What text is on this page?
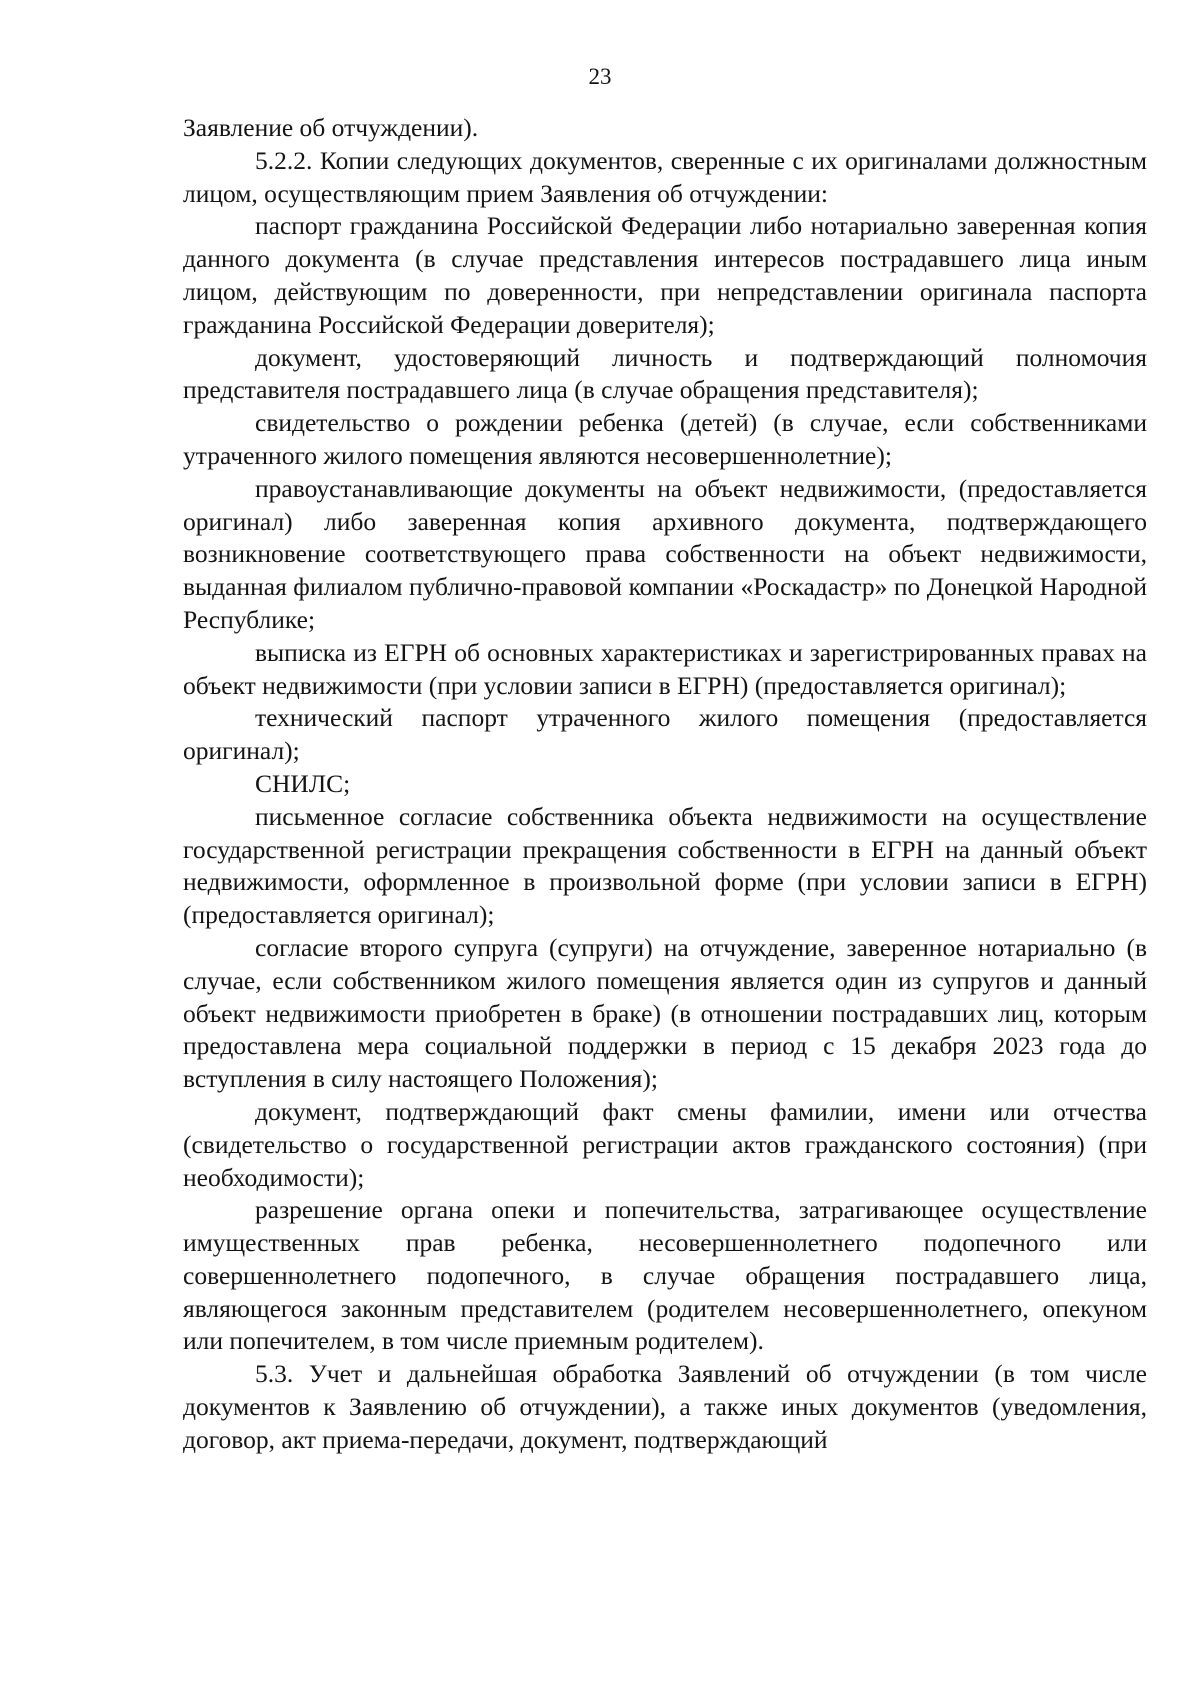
23

Заявление об отчуждении).

5.2.2. Копии следующих документов, сверенные с их оригиналами должностным лицом, осуществляющим прием Заявления об отчуждении:

паспорт гражданина Российской Федерации либо нотариально заверенная копия данного документа (в случае представления интересов пострадавшего лица иным лицом, действующим по доверенности, при непредставлении оригинала паспорта гражданина Российской Федерации доверителя);

документ, удостоверяющий личность и подтверждающий полномочия представителя пострадавшего лица (в случае обращения представителя);

свидетельство о рождении ребенка (детей) (в случае, если собственниками утраченного жилого помещения являются несовершеннолетние);

правоустанавливающие документы на объект недвижимости, (предоставляется оригинал) либо заверенная копия архивного документа, подтверждающего возникновение соответствующего права собственности на объект недвижимости, выданная филиалом публично-правовой компании «Роскадастр» по Донецкой Народной Республике;

выписка из ЕГРН об основных характеристиках и зарегистрированных правах на объект недвижимости (при условии записи в ЕГРН) (предоставляется оригинал);

технический паспорт утраченного жилого помещения (предоставляется оригинал);

СНИЛС;

письменное согласие собственника объекта недвижимости на осуществление государственной регистрации прекращения собственности в ЕГРН на данный объект недвижимости, оформленное в произвольной форме (при условии записи в ЕГРН) (предоставляется оригинал);

согласие второго супруга (супруги) на отчуждение, заверенное нотариально (в случае, если собственником жилого помещения является один из супругов и данный объект недвижимости приобретен в браке) (в отношении пострадавших лиц, которым предоставлена мера социальной поддержки в период с 15 декабря 2023 года до вступления в силу настоящего Положения);

документ, подтверждающий факт смены фамилии, имени или отчества (свидетельство о государственной регистрации актов гражданского состояния) (при необходимости);

разрешение органа опеки и попечительства, затрагивающее осуществление имущественных прав ребенка, несовершеннолетнего подопечного или совершеннолетнего подопечного, в случае обращения пострадавшего лица, являющегося законным представителем (родителем несовершеннолетнего, опекуном или попечителем, в том числе приемным родителем).

5.3. Учет и дальнейшая обработка Заявлений об отчуждении (в том числе документов к Заявлению об отчуждении), а также иных документов (уведомления, договор, акт приема-передачи, документ, подтверждающий
